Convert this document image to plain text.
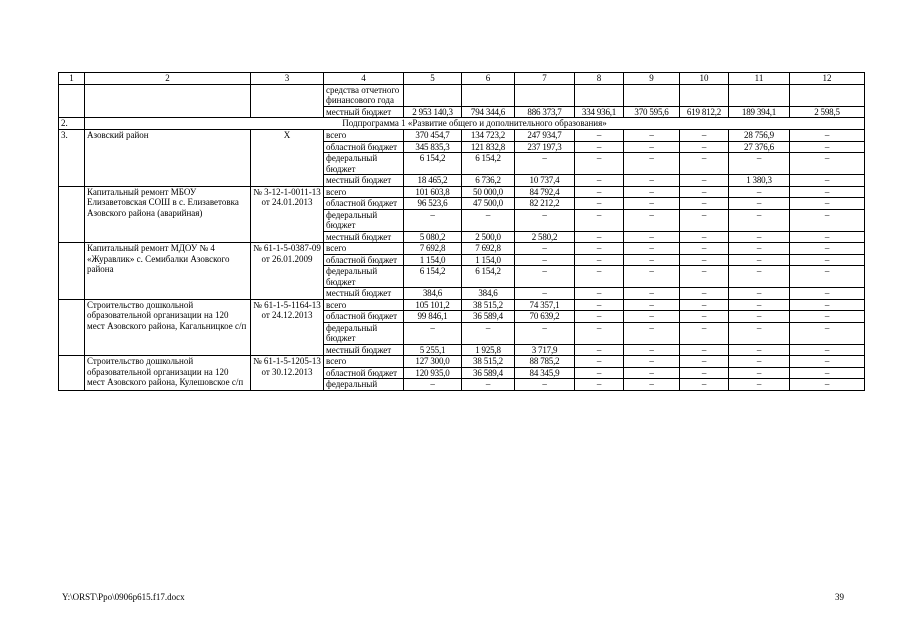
1	2	3	4	5	6	7	8	9	10	11	12
			средства отчетного финансового года								
			местный бюджет	2 953 140,3	794 344,6	886 373,7	334 936,1	370 595,6	619 812,2	189 394,1	2 598,5
2.	Подпрограмма 1 «Развитие общего и дополнительного образования»										
3.	Азовский район	Х	всего	370 454,7	134 723,2	247 934,7	–	–	–	28 756,9	–
			областной бюджет	345 835,3	121 832,8	237 197,3	–	–	–	27 376,6	–
			федеральный бюджет	6 154,2	6 154,2	–	–	–	–	–	–
			местный бюджет	18 465,2	6 736,2	10 737,4	–	–	–	1 380,3	–
	Капитальный ремонт МБОУ Елизаветовская СОШ в с. Елизаветовка Азовского района (аварийная)	№ 3-12-1-0011-13 от 24.01.2013	всего	101 603,8	50 000,0	84 792,4	–	–	–	–	–
			областной бюджет	96 523,6	47 500,0	82 212,2	–	–	–	–	–
			федеральный бюджет	–	–	–	–	–	–	–	–
			местный бюджет	5 080,2	2 500,0	2 580,2	–	–	–	–	–
	Капитальный ремонт МДОУ № 4 «Журавлик» с. Семибалки Азовского района	№ 61-1-5-0387-09 от 26.01.2009	всего	7 692,8	7 692,8	–	–	–	–	–	–
			областной бюджет	1 154,0	1 154,0	–	–	–	–	–	–
			федеральный бюджет	6 154,2	6 154,2	–	–	–	–	–	–
			местный бюджет	384,6	384,6	–	–	–	–	–	–
	Строительство дошкольной образовательной организации на 120 мест Азовского района, Кагальницкое с/п	№ 61-1-5-1164-13 от 24.12.2013	всего	105 101,2	38 515,2	74 357,1	–	–	–	–	–
			областной бюджет	99 846,1	36 589,4	70 639,2	–	–	–	–	–
			федеральный бюджет	–	–	–	–	–	–	–	–
			местный бюджет	5 255,1	1 925,8	3 717,9	–	–	–	–	–
	Строительство дошкольной образовательной организации на 120 мест Азовского района, Кулешовское с/п	№ 61-1-5-1205-13 от 30.12.2013	всего	127 300,0	38 515,2	88 785,2	–	–	–	–	–
			областной бюджет	120 935,0	36 589,4	84 345,9	–	–	–	–	–
			федеральный	–	–	–	–	–	–	–	–
Y:\ORST\Ppo\0906p615.f17.docx	39
